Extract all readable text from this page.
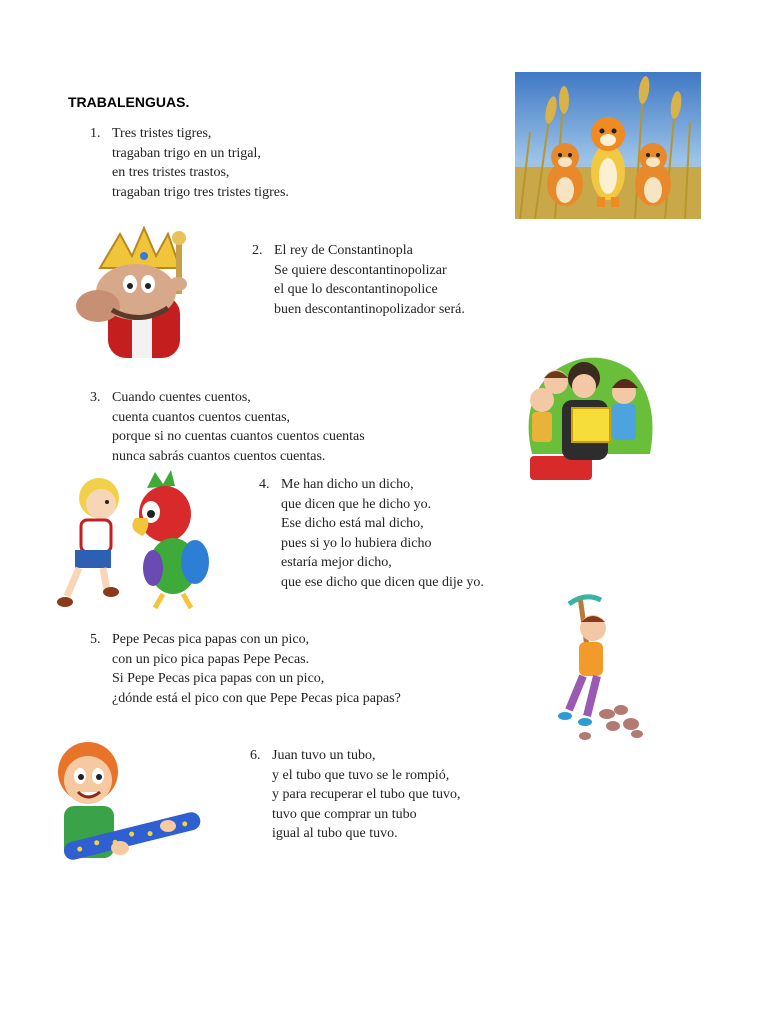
TRABALENGUAS.
1. Tres tristes tigres,
tragaban trigo en un trigal,
en tres tristes trastos,
tragaban trigo tres tristes tigres.
2. El rey de Constantinopla
Se quiere descontantinopolizar
el que lo descontantinopolice
buen descontantinopolizador será.
3. Cuando cuentes cuentos,
cuenta cuantos cuentos cuentas,
porque si no cuentas cuantos cuentos cuentas
nunca sabrás cuantos cuentos cuentas.
4. Me han dicho un dicho,
que dicen que he dicho yo.
Ese dicho está mal dicho,
pues si yo lo hubiera dicho
estaría mejor dicho,
que ese dicho que dicen que dije yo.
5. Pepe Pecas pica papas con un pico,
con un pico pica papas Pepe Pecas.
Si Pepe Pecas pica papas con un pico,
¿dónde está el pico con que Pepe Pecas pica papas?
6. Juan tuvo un tubo,
y el tubo que tuvo se le rompió,
y para recuperar el tubo que tuvo,
tuvo que comprar un tubo
igual al tubo que tuvo.
